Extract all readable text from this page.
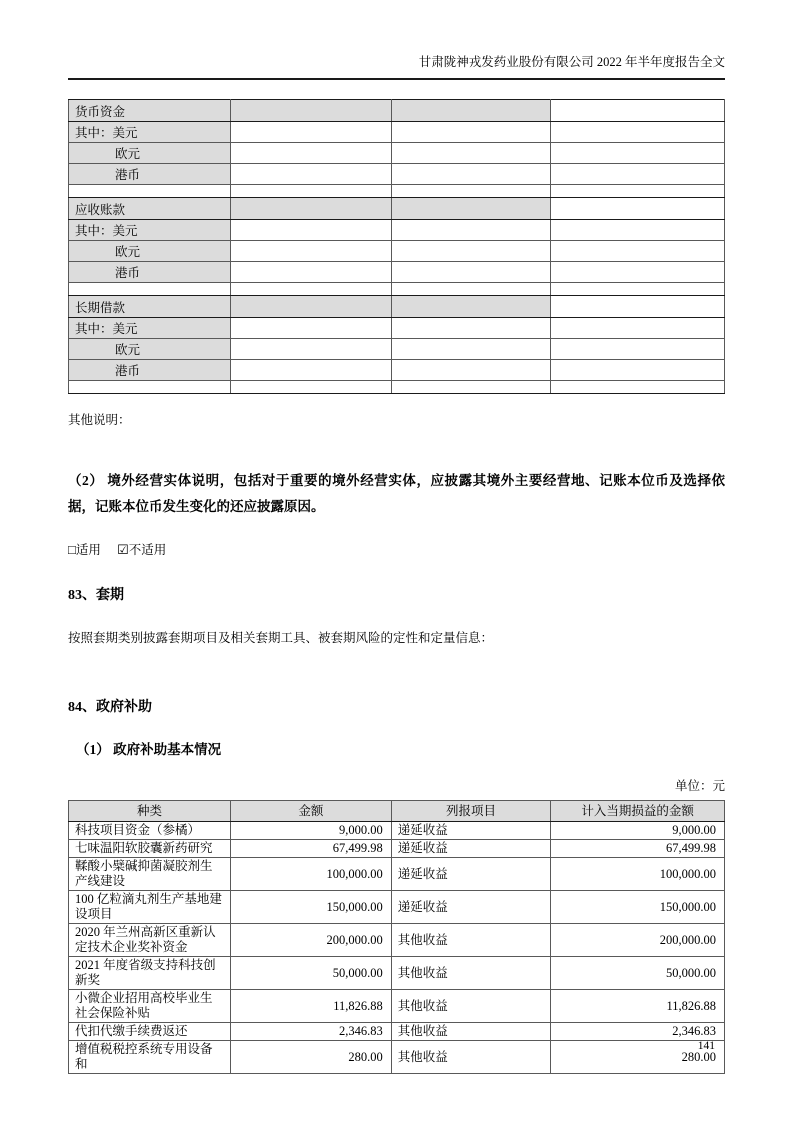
甘肃陇神戎发药业股份有限公司 2022 年半年度报告全文
货币资金			
其中：美元			
欧元			
港币			

应收账款			
其中：美元			
欧元			
港币			

长期借款			
其中：美元			
欧元			
港币			

其他说明：

（2） 境外经营实体说明，包括对于重要的境外经营实体，应披露其境外主要经营地、记账本位币及选择依据，记账本位币发生变化的还应披露原因。

□适用 ☑不适用

83、套期

按照套期类别披露套期项目及相关套期工具、被套期风险的定性和定量信息：

84、政府补助
（1） 政府补助基本情况
单位：元
种类	金额	列报项目	计入当期损益的金额
科技项目资金（参橘）	9,000.00	递延收益	9,000.00
七味温阳软胶囊新药研究	67,499.98	递延收益	67,499.98
鞣酸小檗碱抑菌凝胶剂生产线建设	100,000.00	递延收益	100,000.00
100 亿粒滴丸剂生产基地建设项目	150,000.00	递延收益	150,000.00
2020 年兰州高新区重新认定技术企业奖补资金	200,000.00	其他收益	200,000.00
2021 年度省级支持科技创新奖	50,000.00	其他收益	50,000.00
小微企业招用高校毕业生社会保险补贴	11,826.88	其他收益	11,826.88
代扣代缴手续费返还	2,346.83	其他收益	2,346.83
增值税税控系统专用设备和	280.00	其他收益	280.00
141
